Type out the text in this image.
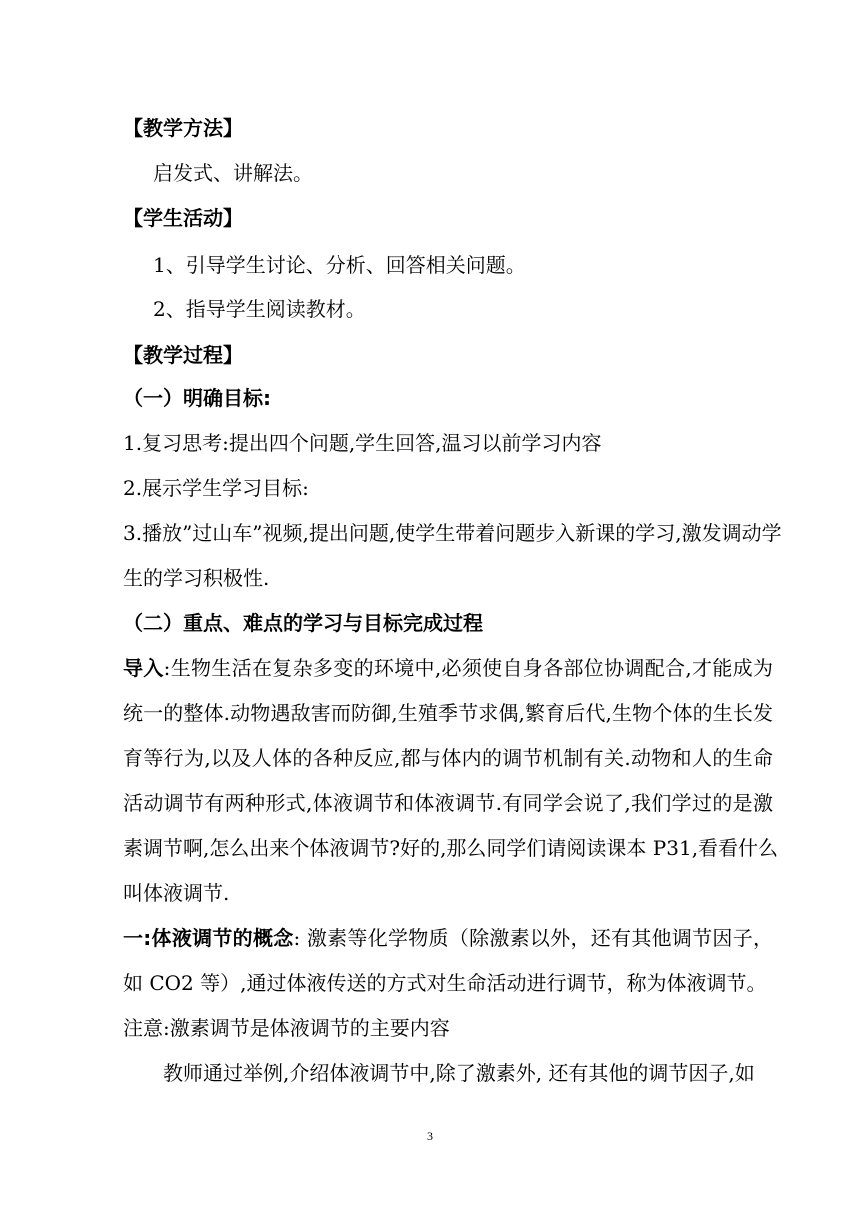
【教学方法】
启发式、讲解法。
【学生活动】
1、引导学生讨论、分析、回答相关问题。
2、指导学生阅读教材。
【教学过程】
（一）明确目标:
1.复习思考:提出四个问题,学生回答,温习以前学习内容
2.展示学生学习目标:
3.播放”过山车”视频,提出问题,使学生带着问题步入新课的学习,激发调动学
生的学习积极性.
（二）重点、难点的学习与目标完成过程
导入:生物生活在复杂多变的环境中,必须使自身各部位协调配合,才能成为
统一的整体.动物遇敌害而防御,生殖季节求偶,繁育后代,生物个体的生长发
育等行为,以及人体的各种反应,都与体内的调节机制有关.动物和人的生命
活动调节有两种形式,体液调节和体液调节.有同学会说了,我们学过的是激
素调节啊,怎么出来个体液调节?好的,那么同学们请阅读课本 P31,看看什么
叫体液调节.
一:体液调节的概念: 激素等化学物质（除激素以外，还有其他调节因子，
如 CO2 等）,通过体液传送的方式对生命活动进行调节，称为体液调节。
注意:激素调节是体液调节的主要内容
教师通过举例,介绍体液调节中,除了激素外, 还有其他的调节因子,如
3
